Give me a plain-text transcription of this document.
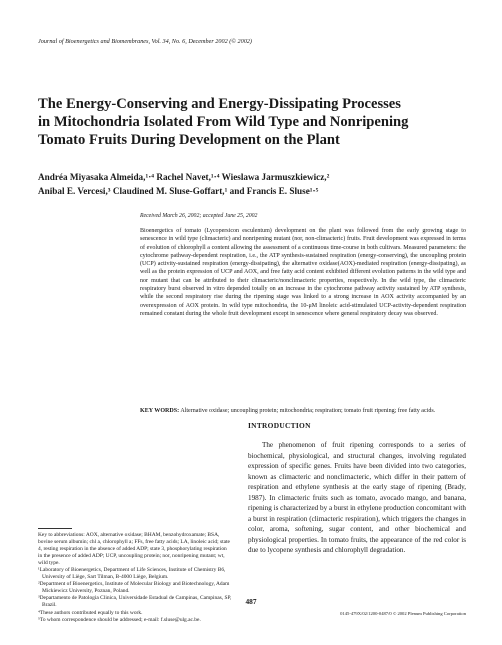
Journal of Bioenergetics and Biomembranes, Vol. 34, No. 6, December 2002 (© 2002)
The Energy-Conserving and Energy-Dissipating Processes
in Mitochondria Isolated From Wild Type and Nonripening
Tomato Fruits During Development on the Plant
Andréa Miyasaka Almeida,¹·⁴ Rachel Navet,¹·⁴ Wieslawa Jarmuszkiewicz,²
Anibal E. Vercesi,³ Claudined M. Sluse-Goffart,¹ and Francis E. Sluse¹·⁵
Received March 26, 2002; accepted June 25, 2002

Bioenergetics of tomato (Lycopersicon esculentum) development on the plant was followed from the early growing stage to senescence in wild type (climacteric) and nonripening mutant (nor, non-climacteric) fruits. Fruit development was expressed in terms of evolution of chlorophyll a content allowing the assessment of a continuous time-course in both cultivars. Measured parameters: the cytochrome pathway-dependent respiration, i.e., the ATP synthesis-sustained respiration (energy-conserving), the uncoupling protein (UCP) activity-sustained respiration (energy-dissipating), the alternative oxidase(AOX)-mediated respiration (energy-dissipating), as well as the protein expression of UCP and AOX, and free fatty acid content exhibited different evolution patterns in the wild type and nor mutant that can be attributed to their climacteric/nonclimacteric properties, respectively. In the wild type, the climacteric respiratory burst observed in vitro depended totally on an increase in the cytochrome pathway activity sustained by ATP synthesis, while the second respiratory rise during the ripening stage was linked to a strong increase in AOX activity accompanied by an overexpression of AOX protein. In wild type mitochondria, the 10-μM linoleic acid-stimulated UCP-activity-dependent respiration remained constant during the whole fruit development except in senescence where general respiratory decay was observed.

KEY WORDS: Alternative oxidase; uncoupling protein; mitochondria; respiration; tomato fruit ripening; free fatty acids.

INTRODUCTION

The phenomenon of fruit ripening corresponds to a series of biochemical, physiological, and structural changes, involving regulated expression of specific genes. Fruits have been divided into two categories, known as climacteric and nonclimacteric, which differ in their pattern of respiration and ethylene synthesis at the early stage of ripening (Brady, 1987). In climacteric fruits such as tomato, avocado mango, and banana, ripening is characterized by a burst in ethylene production concomitant with a burst in respiration (climacteric respiration), which triggers the changes in color, aroma, softening, sugar content, and other biochemical and physiological properties. In tomato fruits, the appearance of the red color is due to lycopene synthesis and chlorophyll degradation.

Key to abbreviations: AOX, alternative oxidase; BHAM, benzohydroxamate; BSA, bovine serum albumin; chl a, chlorophyll a; FFs, free fatty acids; LA, linoleic acid; state 4, resting respiration in the absence of added ADP; state 3, phosphorylating respiration in the presence of added ADP; UCP, uncoupling protein; nor, nonripening mutant; wt, wild type.
¹Laboratory of Bioenergetics, Department of Life Sciences, Institute of Chemistry B6, University of Liège, Sart Tilman, B-4000 Liège, Belgium.
²Department of Bioenergetics, Institute of Molecular Biology and Biotechnology, Adam Mickiewicz University, Poznan, Poland.
³Departamento de Patologia Clinica, Universidade Estadual de Campinas, Campinas, SP, Brazil.
⁴These authors contributed equally to this work.
⁵To whom correspondence should be addressed; e-mail: f.sluse@ulg.ac.be.
487
0145-479X/02/1200-0487/0 © 2002 Plenum Publishing Corporation
